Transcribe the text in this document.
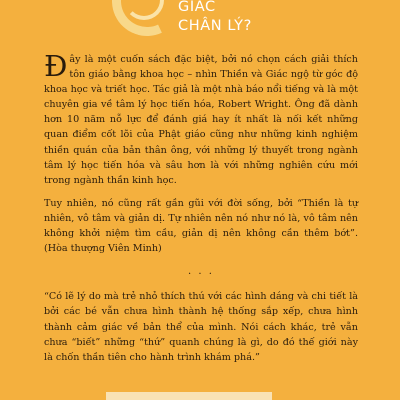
GIÁC
CHÂN LÝ?

Đây là một cuốn sách đặc biệt, bởi nó chọn cách giải thích tôn giáo bằng khoa học – nhìn Thiền và Giác ngộ từ góc độ khoa học và triết học. Tác giả là một nhà báo nổi tiếng và là một chuyên gia về tâm lý học tiến hóa, Robert Wright. Ông đã dành hơn 10 năm nỗ lực để đánh giá hay ít nhất là nối kết những quan điểm cốt lõi của Phật giáo cũng như những kinh nghiệm thiền quán của bản thân ông, với những lý thuyết trong ngành tâm lý học tiến hóa và sâu hơn là với những nghiên cứu mới trong ngành thần kinh học.

Tuy nhiên, nó cũng rất gần gũi với đời sống, bởi “Thiền là tự nhiên, vô tâm và giản dị. Tự nhiên nên nó như nó là, vô tâm nên không khởi niệm tìm cầu, giản dị nên không cần thêm bớt”. (Hòa thượng Viên Minh)

. . .

“Có lẽ lý do mà trẻ nhỏ thích thú với các hình dáng và chi tiết là bởi các bé vẫn chưa hình thành hệ thống sắp xếp, chưa hình thành cảm giác về bản thể của mình. Nói cách khác, trẻ vẫn chưa “biết” những “thứ” quanh chúng là gì, do đó thế giới này là chốn thần tiên cho hành trình khám phá.”
